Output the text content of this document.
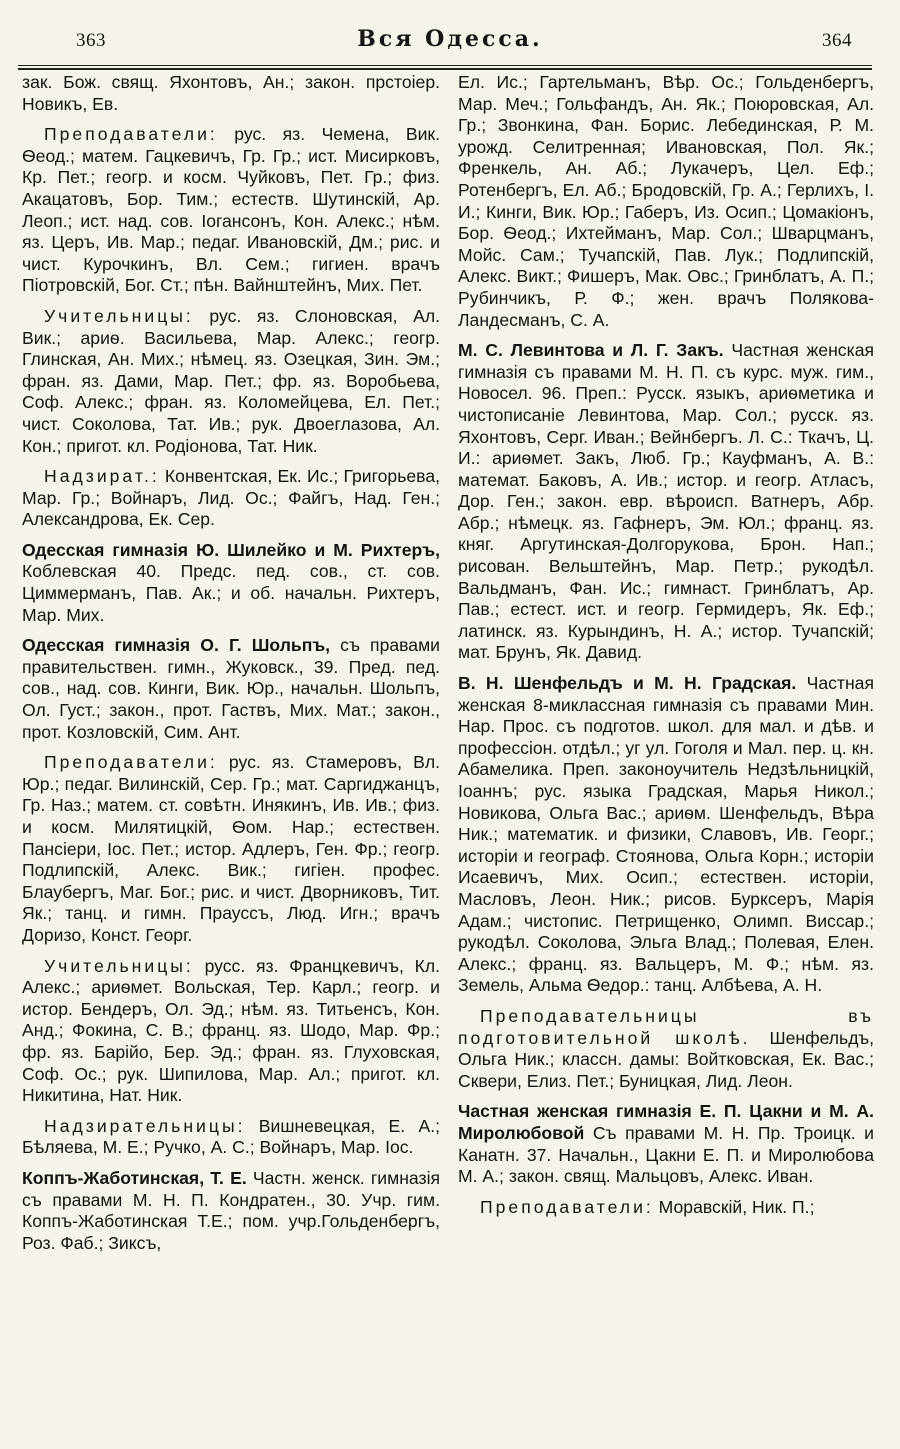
363	Вся Одесса.	364

зак. Бож. свящ. Яхонтовъ, Ан.; закон. прстоіер. Новикъ, Ев.

Преподаватели: рус. яз. Чемена, Вик. Ѳеод.; матем. Гацкевичъ, Гр. Гр.; ист. Мисирковъ, Кр. Пет.; геогр. и косм. Чуйковъ, Пет. Гр.; физ. Акацатовъ, Бор. Тим.; естеств. Шутинскій, Ар. Леоп.; ист. над. сов. Іогансонъ, Кон. Алекс.; нѣм. яз. Церъ, Ив. Мар.; педаг. Ивановскій, Дм.; рис. и чист. Курочкинъ, Вл. Сем.; гигиен. врачъ Піотровскій, Бог. Ст.; пѣн. Вайнштейнъ, Мих. Пет.

Учительницы: рус. яз. Слоновская, Ал. Вик.; ариѳ. Васильева, Мар. Алекс.; геогр. Глинская, Ан. Мих.; нѣмец. яз. Озецкая, Зин. Эм.; фран. яз. Дами, Мар. Пет.; фр. яз. Воробьева, Соф. Алекс.; фран. яз. Коломейцева, Ел. Пет.; чист. Соколова, Тат. Ив.; рук. Двоеглазова, Ал. Кон.; пригот. кл. Родіонова, Тат. Ник.

Надзират.: Конвентская, Ек. Ис.; Григорьева, Мар. Гр.; Войнаръ, Лид. Ос.; Файгъ, Над. Ген.; Александрова, Ек. Сер.

Одесская гимназія Ю. Шилейко и М. Рихтеръ, Коблевская 40. Предс. пед. сов., ст. сов. Циммерманъ, Пав. Ак.; и об. начальн. Рихтеръ, Мар. Мих.

Одесская гимназія О. Г. Шольпъ, съ правами правительствен. гимн., Жуковск., 39. Пред. пед. сов., над. сов. Кинги, Вик. Юр., начальн. Шольпъ, Ол. Густ.; закон., прот. Гаствъ, Мих. Мат.; закон., прот. Козловскій, Сим. Ант.

Преподаватели: рус. яз. Стамеровъ, Вл. Юр.; педаг. Вилинскій, Сер. Гр.; мат. Саргиджанцъ, Гр. Наз.; матем. ст. совѣтн. Инякинъ, Ив. Ив.; физ. и косм. Милятицкій, Ѳом. Нар.; естествен. Пансіери, Іос. Пет.; истор. Адлеръ, Ген. Фр.; геогр. Подлипскій, Алекс. Вик.; гигіен. профес. Блаубергъ, Маг. Бог.; рис. и чист. Дворниковъ, Тит. Як.; танц. и гимн. Праусcъ, Люд. Игн.; врачъ Доризо, Конст. Георг.

Учительницы: русс. яз. Францкевичъ, Кл. Алекс.; ариѳмет. Вольская, Тер. Карл.; геогр. и истор. Бендеръ, Ол. Эд.; нѣм. яз. Титьенсъ, Кон. Анд.; Фокина, С. В.; франц. яз. Шодо, Мар. Фр.; фр. яз. Барійо, Бер. Эд.; фран. яз. Глуховская, Соф. Ос.; рук. Шипилова, Мар. Ал.; пригот. кл. Никитина, Нат. Ник.

Надзирательницы: Вишневецкая, Е. А.; Бѣляева, М. Е.; Ручко, А. С.; Войнаръ, Мар. Іос.

Коппъ-Жаботинская, Т. Е. Частн. женск. гимназія съ правами М. Н. П. Кондратен., 30. Учр. гим. Коппъ-Жаботинская Т.Е.; пом. учр.Гольденбергъ, Роз. Фаб.; Зиксъ,

Ел. Ис.; Гартельманъ, Вѣр. Ос.; Гольденбергъ, Мар. Меч.; Гольфандъ, Ан. Як.; Поюровская, Ал. Гр.; Звонкина, Фан. Борис. Лебединская, Р. М. урожд. Селитренная; Ивановская, Пол. Як.; Френкель, Ан. Аб.; Лукачеръ, Цел. Еф.; Ротенбергъ, Ел. Аб.; Бродовскій, Гр. А.; Герлихъ, І. И.; Кинги, Вик. Юр.; Габеръ, Из. Осип.; Цомакіонъ, Бор. Ѳеод.; Ихтейманъ, Мар. Сол.; Шварцманъ, Мойс. Сам.; Тучапскій, Пав. Лук.; Подлипскій, Алекс. Викт.; Фишеръ, Мак. Овс.; Гринблатъ, А. П.; Рубинчикъ, Р. Ф.; жен. врачъ Полякова-Ландесманъ, С. А.

М. С. Левинтова и Л. Г. Закъ. Частная женская гимназія съ правами М. Н. П. съ курс. муж. гим., Новосел. 96. Преп.: Русск. языкъ, ариѳметика и чистописаніе Левинтова, Мар. Сол.; русск. яз. Яхонтовъ, Серг. Иван.; Вейнбергъ. Л. С.: Ткачъ, Ц. И.: ариѳмет. Закъ, Люб. Гр.; Кауфманъ, А. В.: математ. Баковъ, А. Ив.; истор. и геогр. Атласъ, Дор. Ген.; закон. евр. вѣроисп. Ватнеръ, Абр. Абр.; нѣмецк. яз. Гафнеръ, Эм. Юл.; франц. яз. княг. Аргутинская-Долгорукова, Брон. Нап.; рисован. Вельштейнъ, Мар. Петр.; рукодѣл. Вальдманъ, Фан. Ис.; гимнаст. Гринблатъ, Ар. Пав.; естест. ист. и геогр. Гермидеръ, Як. Еф.; латинск. яз. Курындинъ, Н. А.; истор. Тучапскій; мат. Брунъ, Як. Давид.

В. Н. Шенфельдъ и М. Н. Градская. Частная женская 8-миклассная гимназія съ правами Мин. Нар. Прос. съ подготов. школ. для мал. и дѣв. и профессіон. отдѣл.; уг ул. Гоголя и Мал. пер. ц. кн. Абамелика. Преп. законоучитель Недзѣльницкій, Іоаннъ; рус. языка Градская, Марья Никол.; Новикова, Ольга Вас.; ариѳм. Шенфельдъ, Вѣра Ник.; математик. и физики, Славовъ, Ив. Георг.; исторіи и географ. Стоянова, Ольга Корн.; исторіи Исаевичъ, Мих. Осип.; естествен. исторіи, Масловъ, Леон. Ник.; рисов. Бурксеръ, Марія Адам.; чистопис. Петрищенко, Олимп. Виссар.; рукодѣл. Соколова, Эльга Влад.; Полевая, Елен. Алекс.; франц. яз. Вальцеръ, М. Ф.; нѣм. яз. Земель, Альма Ѳедор.: танц. Албѣева, А. Н.

Преподавательницы въ подготовительной школѣ. Шенфельдъ, Ольга Ник.; классн. дамы: Войтковская, Ек. Вас.; Сквери, Елиз. Пет.; Буницкая, Лид. Леон.

Частная женская гимназія Е. П. Цакни и М. А. Миролюбовой Съ правами М. Н. Пр. Троицк. и Канатн. 37. Начальн., Цакни Е. П. и Миролюбова М. А.; закон. свящ. Мальцовъ, Алекс. Иван.

Преподаватели: Моравскій, Ник. П.;
